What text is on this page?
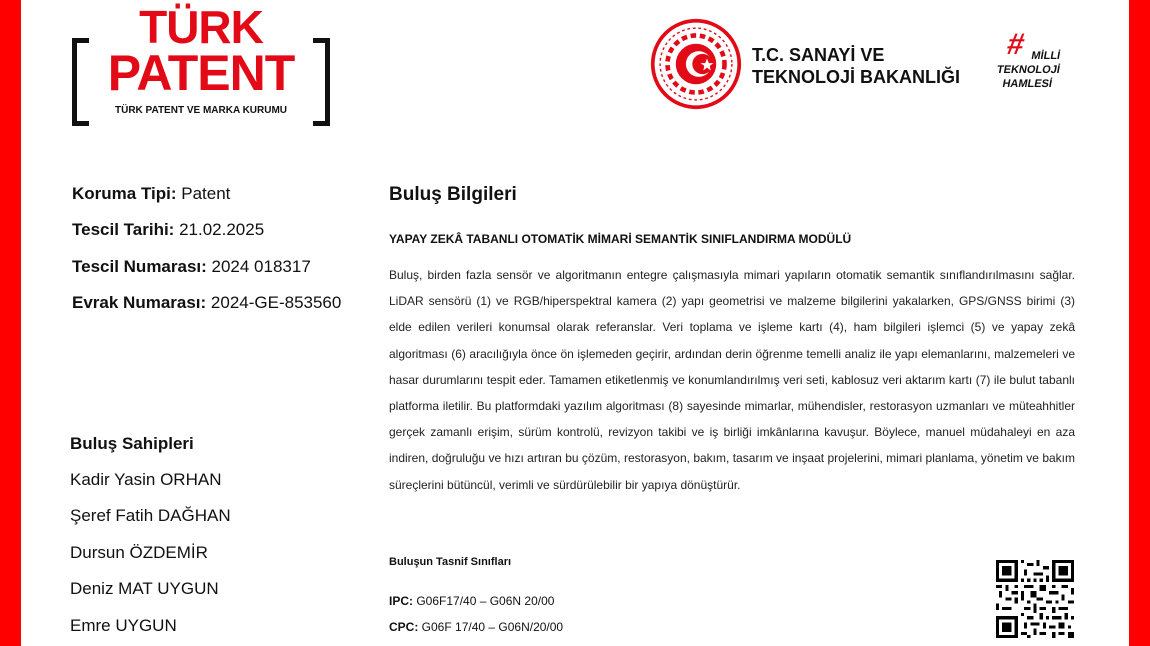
TÜRK
PATENT
TÜRK PATENT VE MARKA KURUMU
T.C. SANAYİ VE
TEKNOLOJİ BAKANLIĞI
# MİLLİ
TEKNOLOJİ
HAMLESİ
Koruma Tipi: Patent
Tescil Tarihi: 21.02.2025
Tescil Numarası: 2024 018317
Evrak Numarası: 2024-GE-853560
Buluş Sahipleri
Kadir Yasin ORHAN
Şeref Fatih DAĞHAN
Dursun ÖZDEMİR
Deniz MAT UYGUN
Emre UYGUN
Buluş Bilgileri
YAPAY ZEKÂ TABANLI OTOMATİK MİMARİ SEMANTİK SINIFLANDIRMA MODÜLÜ
Buluş, birden fazla sensör ve algoritmanın entegre çalışmasıyla mimari yapıların otomatik semantik sınıflandırılmasını sağlar. LiDAR sensörü (1) ve RGB/hiperspektral kamera (2) yapı geometrisi ve malzeme bilgilerini yakalarken, GPS/GNSS birimi (3) elde edilen verileri konumsal olarak referanslar. Veri toplama ve işleme kartı (4), ham bilgileri işlemci (5) ve yapay zekâ algoritması (6) aracılığıyla önce ön işlemeden geçirir, ardından derin öğrenme temelli analiz ile yapı elemanlarını, malzemeleri ve hasar durumlarını tespit eder. Tamamen etiketlenmiş ve konumlandırılmış veri seti, kablosuz veri aktarım kartı (7) ile bulut tabanlı platforma iletilir. Bu platformdaki yazılım algoritması (8) sayesinde mimarlar, mühendisler, restorasyon uzmanları ve müteahhitler gerçek zamanlı erişim, sürüm kontrolü, revizyon takibi ve iş birliği imkânlarına kavuşur. Böylece, manuel müdahaleyi en aza indiren, doğruluğu ve hızı artıran bu çözüm, restorasyon, bakım, tasarım ve inşaat projelerini, mimari planlama, yönetim ve bakım süreçlerini bütüncül, verimli ve sürdürülebilir bir yapıya dönüştürür.
Buluşun Tasnif Sınıfları
IPC: G06F17/40 – G06N 20/00
CPC: G06F 17/40 – G06N/20/00
